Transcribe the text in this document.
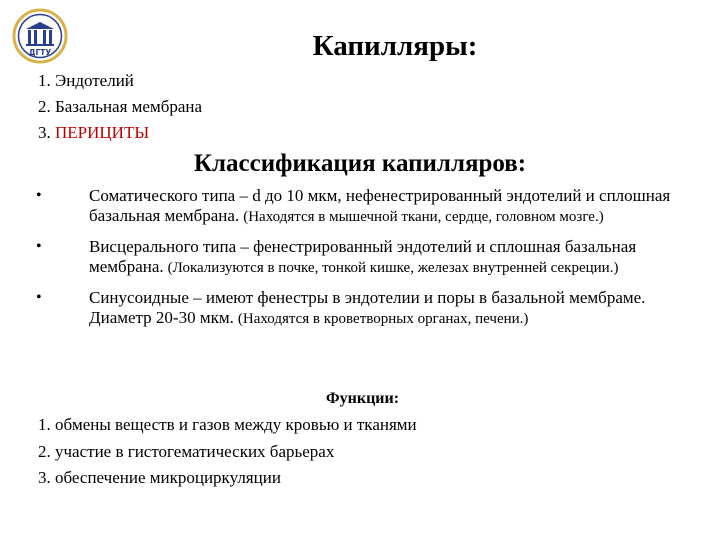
ДГТУ	Капилляры:
1. Эндотелий
2. Базальная мембрана
3. ПЕРИЦИТЫ
Классификация капилляров:
•	Соматического типа – d до 10 мкм, нефенестрированный эндотелий и сплошная базальная мембрана. (Находятся в мышечной ткани, сердце, головном мозге.)
•	Висцерального типа – фенестрированный эндотелий и сплошная базальная мембрана. (Локализуются в почке, тонкой кишке, железах внутренней секреции.)
•	Синусоидные – имеют фенестры в эндотелии и поры в базальной мембраме. Диаметр 20-30 мкм. (Находятся в кроветворных органах, печени.)
Функции:
1. обмены веществ и газов между кровью и тканями
2. участие в гистогематических барьерах
3. обеспечение микроциркуляции
